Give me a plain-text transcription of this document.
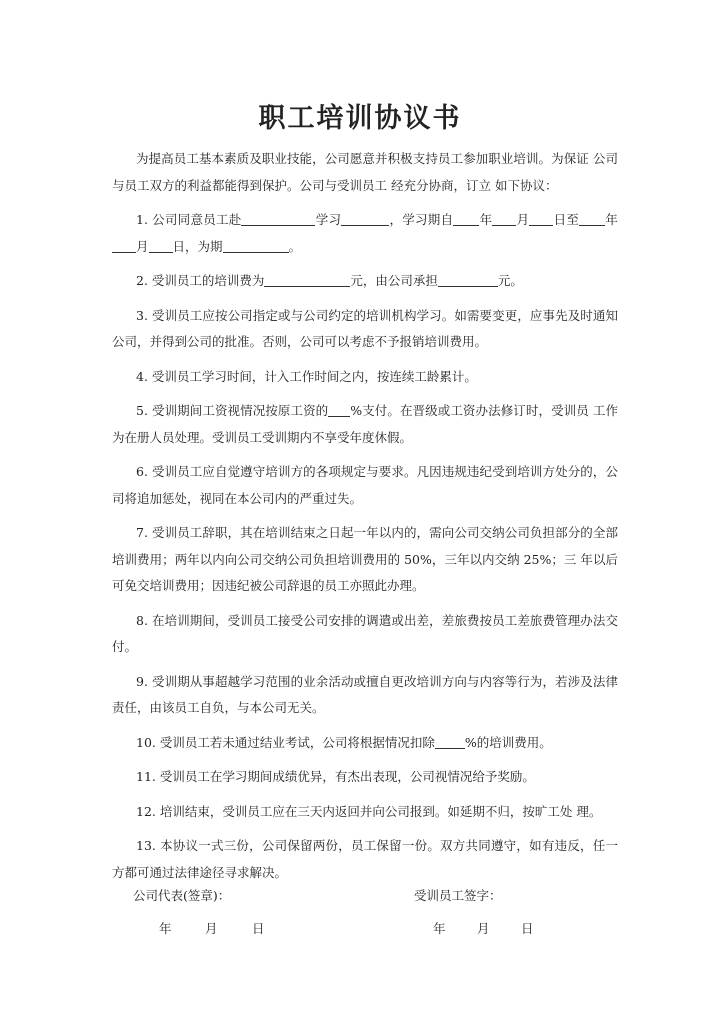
职工培训协议书

为提高员工基本素质及职业技能，公司愿意并积极支持员工参加职业培训。为保证 公司与员工双方的利益都能得到保护。公司与受训员工 经充分协商，订立 如下协议：

1. 公司同意员工赴	学习	，学习期自 年 月 日至 年月 日，为期	。

2. 受训员工的培训费为	元，由公司承担	元。

3. 受训员工应按公司指定或与公司约定的培训机构学习。如需要变更，应事先及时通知公司，并得到公司的批准。否则，公司可以考虑不予报销培训费用。

4. 受训员工学习时间，计入工作时间之内，按连续工龄累计。

5. 受训期间工资视情况按原工资的 %支付。在晋级或工资办法修订时，受训员 工作为在册人员处理。受训员工受训期内不享受年度休假。

6. 受训员工应自觉遵守培训方的各项规定与要求。凡因违规违纪受到培训方处分的，公司将追加惩处，视同在本公司内的严重过失。

7. 受训员工辞职，其在培训结束之日起一年以内的，需向公司交纳公司负担部分的全部培训费用；两年以内向公司交纳公司负担培训费用的 50%，三年以内交纳 25%；三 年以后可免交培训费用；因违纪被公司辞退的员工亦照此办理。

8. 在培训期间，受训员工接受公司安排的调遣或出差，差旅费按员工差旅费管理办法交付。

9. 受训期从事超越学习范围的业余活动或擅自更改培训方向与内容等行为，若涉及法律责任，由该员工自负，与本公司无关。

10. 受训员工若未通过结业考试，公司将根据情况扣除 %的培训费用。

11. 受训员工在学习期间成绩优异，有杰出表现，公司视情况给予奖励。

12. 培训结束，受训员工应在三天内返回并向公司报到。如延期不归，按旷工处 理。

13. 本协议一式三份，公司保留两份，员工保留一份。双方共同遵守，如有违反，任一方都可通过法律途径寻求解决。

公司代表(签章)：	受训员工签字：
年	月	日	年	月	日
